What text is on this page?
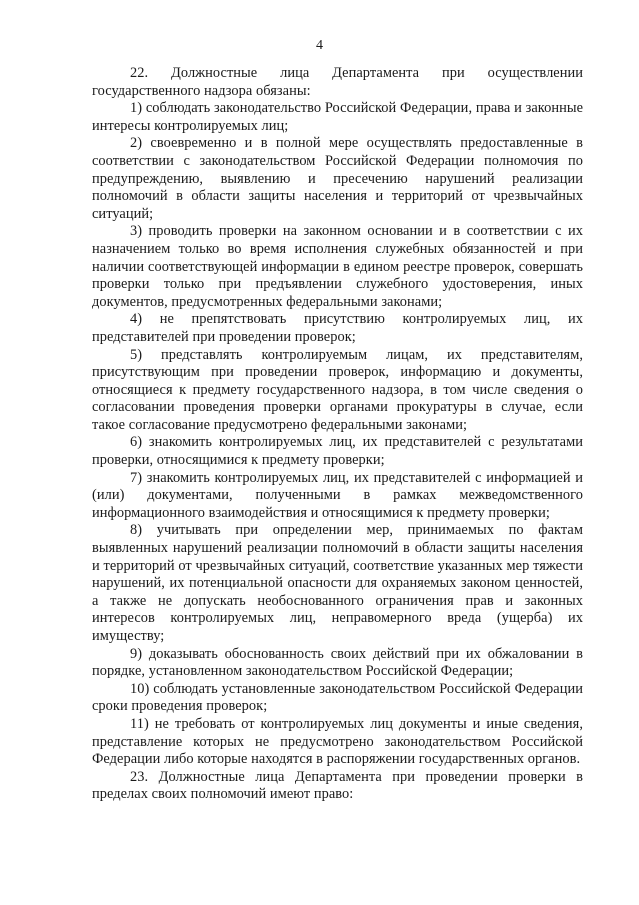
4

22. Должностные лица Департамента при осуществлении государственного надзора обязаны:

1) соблюдать законодательство Российской Федерации, права и законные интересы контролируемых лиц;

2) своевременно и в полной мере осуществлять предоставленные в соответствии с законодательством Российской Федерации полномочия по предупреждению, выявлению и пресечению нарушений реализации полномочий в области защиты населения и территорий от чрезвычайных ситуаций;

3) проводить проверки на законном основании и в соответствии с их назначением только во время исполнения служебных обязанностей и при наличии соответствующей информации в едином реестре проверок, совершать проверки только при предъявлении служебного удостоверения, иных документов, предусмотренных федеральными законами;

4) не препятствовать присутствию контролируемых лиц, их представителей при проведении проверок;

5) представлять контролируемым лицам, их представителям, присутствующим при проведении проверок, информацию и документы, относящиеся к предмету государственного надзора, в том числе сведения о согласовании проведения проверки органами прокуратуры в случае, если такое согласование предусмотрено федеральными законами;

6) знакомить контролируемых лиц, их представителей с результатами проверки, относящимися к предмету проверки;

7) знакомить контролируемых лиц, их представителей с информацией и (или) документами, полученными в рамках межведомственного информационного взаимодействия и относящимися к предмету проверки;

8) учитывать при определении мер, принимаемых по фактам выявленных нарушений реализации полномочий в области защиты населения и территорий от чрезвычайных ситуаций, соответствие указанных мер тяжести нарушений, их потенциальной опасности для охраняемых законом ценностей, а также не допускать необоснованного ограничения прав и законных интересов контролируемых лиц, неправомерного вреда (ущерба) их имуществу;

9) доказывать обоснованность своих действий при их обжаловании в порядке, установленном законодательством Российской Федерации;

10) соблюдать установленные законодательством Российской Федерации сроки проведения проверок;

11) не требовать от контролируемых лиц документы и иные сведения, представление которых не предусмотрено законодательством Российской Федерации либо которые находятся в распоряжении государственных органов.

23. Должностные лица Департамента при проведении проверки в пределах своих полномочий имеют право:
